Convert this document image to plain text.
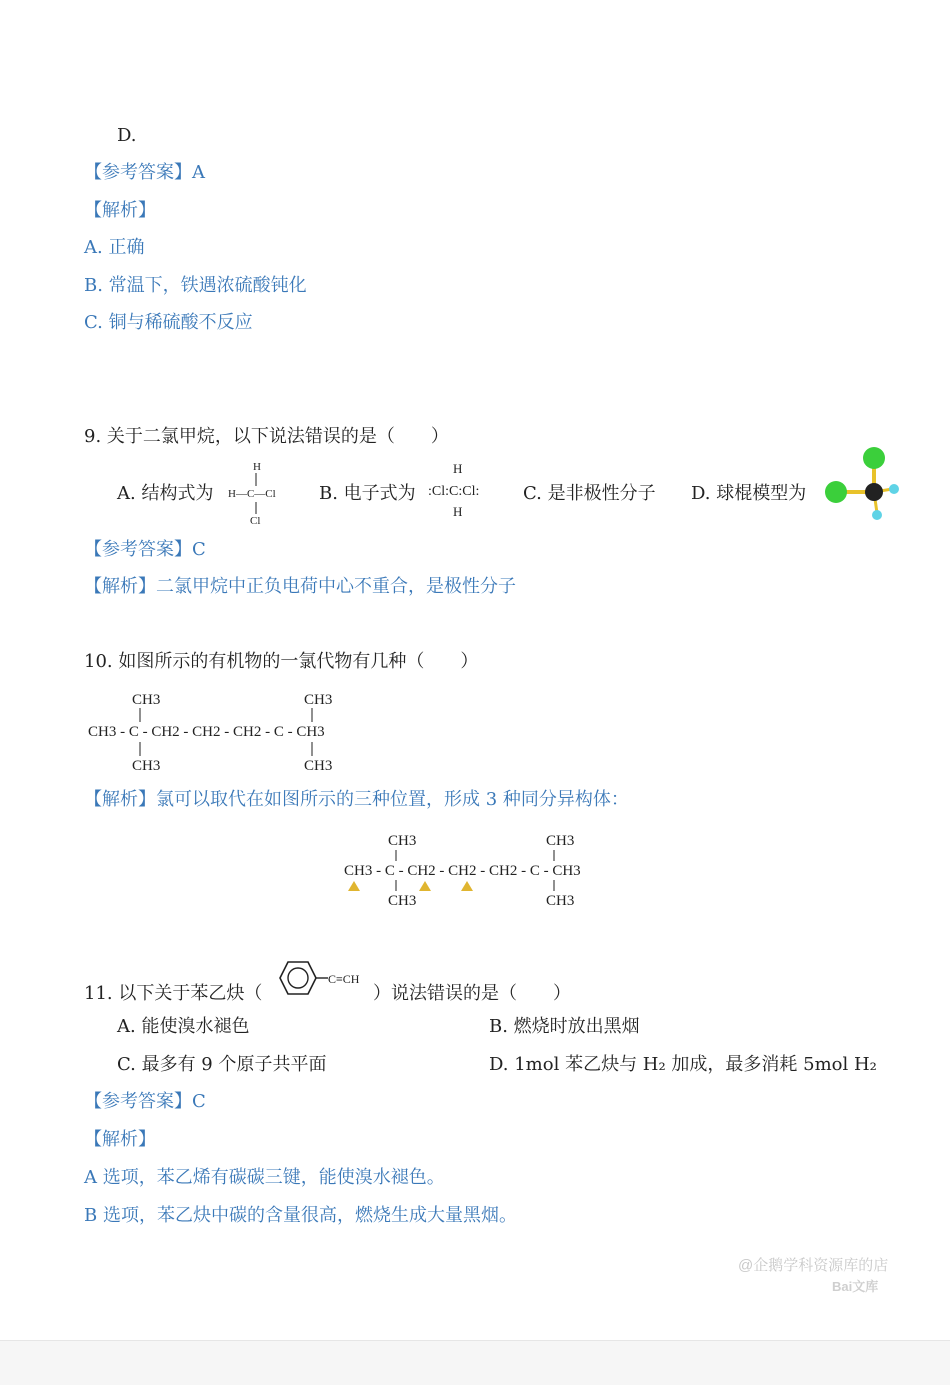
D.
【参考答案】A
【解析】
A. 正确
B. 常温下，铁遇浓硫酸钝化
C. 铜与稀硫酸不反应
9. 关于二氯甲烷，以下说法错误的是（　　）
A. 结构式为
H
H—C—Cl
Cl
B. 电子式为
H
:Cl:C:Cl:
H
C. 是非极性分子 D. 球棍模型为
【参考答案】C
【解析】二氯甲烷中正负电荷中心不重合，是极性分子
10. 如图所示的有机物的一氯代物有几种（　　）
CH3	CH3
CH3 - C - CH2 - CH2 - CH2 - C - CH3
CH3	CH3
【解析】氯可以取代在如图所示的三种位置，形成 3 种同分异构体：
CH3	CH3
CH3 - C - CH2 - CH2 - CH2 - C - CH3
CH3	CH3
11. 以下关于苯乙炔（
C≡CH
）说法错误的是（　　）
A. 能使溴水褪色	B. 燃烧时放出黑烟
C. 最多有 9 个原子共平面	D. 1mol 苯乙炔与 H₂ 加成，最多消耗 5mol H₂
【参考答案】C
【解析】
A 选项，苯乙烯有碳碳三键，能使溴水褪色。
B 选项，苯乙炔中碳的含量很高，燃烧生成大量黑烟。
@企鹅学科资源库的店
Bai文库
